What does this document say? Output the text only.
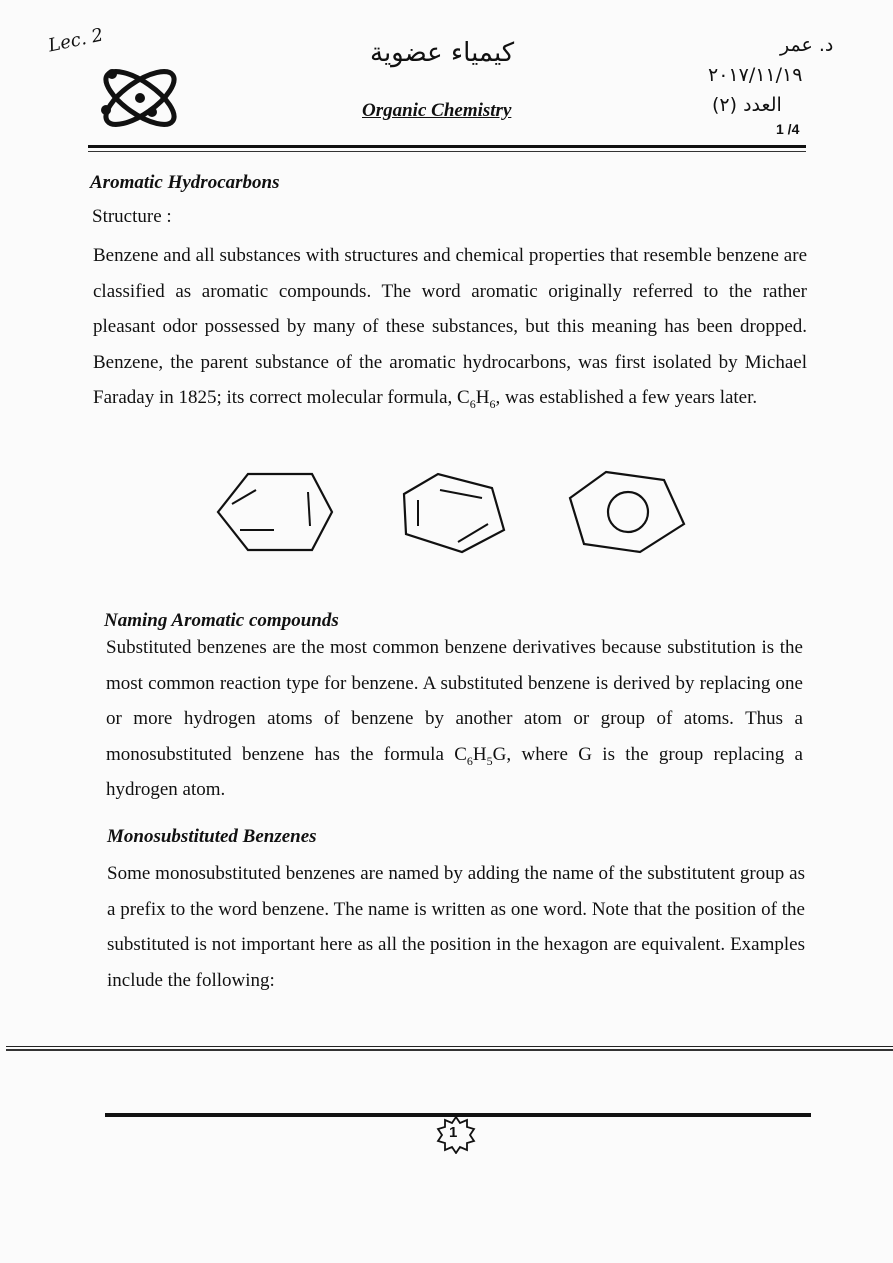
Lec. 2	كيمياء عضوية
Organic Chemistry
د. عمر
٢٠١٧/١١/١٩
العدد (٢)
1 /4
Aromatic Hydrocarbons
Structure :
Benzene and all substances with structures and chemical properties that resemble benzene are classified as aromatic compounds. The word aromatic originally referred to the rather pleasant odor possessed by many of these substances, but this meaning has been dropped. Benzene, the parent substance of the aromatic hydrocarbons, was first isolated by Michael Faraday in 1825; its correct molecular formula, $C_6H_6$, was established a few years later.
Naming Aromatic compounds
Substituted benzenes are the most common benzene derivatives because substitution is the most common reaction type for benzene. A substituted benzene is derived by replacing one or more hydrogen atoms of benzene by another atom or group of atoms. Thus a monosubstituted benzene has the formula $C_6H_5G$, where G is the group replacing a hydrogen atom.
Monosubstituted Benzenes
Some monosubstituted benzenes are named by adding the name of the substitutent group as a prefix to the word benzene. The name is written as one word. Note that the position of the substituted is not important here as all the position in the hexagon are equivalent. Examples include the following:
1
